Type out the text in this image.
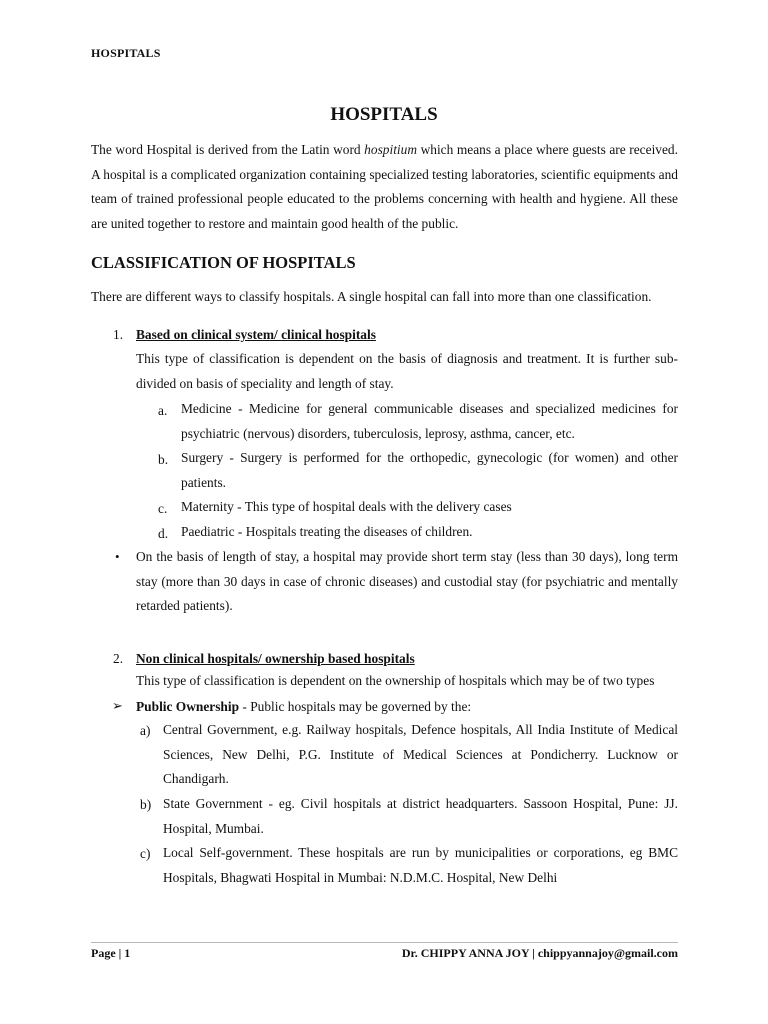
HOSPITALS
HOSPITALS

The word Hospital is derived from the Latin word hospitium which means a place where guests are received. A hospital is a complicated organization containing specialized testing laboratories, scientific equipments and team of trained professional people educated to the problems concerning with health and hygiene. All these are united together to restore and maintain good health of the public.

CLASSIFICATION OF HOSPITALS

There are different ways to classify hospitals. A single hospital can fall into more than one classification.

1. Based on clinical system/ clinical hospitals

This type of classification is dependent on the basis of diagnosis and treatment. It is further sub-divided on basis of speciality and length of stay.

a. Medicine - Medicine for general communicable diseases and specialized medicines for psychiatric (nervous) disorders, tuberculosis, leprosy, asthma, cancer, etc.

b. Surgery - Surgery is performed for the orthopedic, gynecologic (for women) and other patients.

c. Maternity - This type of hospital deals with the delivery cases

d. Paediatric - Hospitals treating the diseases of children.

• On the basis of length of stay, a hospital may provide short term stay (less than 30 days), long term stay (more than 30 days in case of chronic diseases) and custodial stay (for psychiatric and mentally retarded patients).

2. Non clinical hospitals/ ownership based hospitals
This type of classification is dependent on the ownership of hospitals which may be of two types
➢ Public Ownership - Public hospitals may be governed by the:
a) Central Government, e.g. Railway hospitals, Defence hospitals, All India Institute of Medical Sciences, New Delhi, P.G. Institute of Medical Sciences at Pondicherry. Lucknow or Chandigarh.

b) State Government - eg. Civil hospitals at district headquarters. Sassoon Hospital, Pune: JJ. Hospital, Mumbai.

c) Local Self-government. These hospitals are run by municipalities or corporations, eg BMC Hospitals, Bhagwati Hospital in Mumbai: N.D.M.C. Hospital, New Delhi

Page | 1	Dr. CHIPPY ANNA JOY | chippyannajoy@gmail.com
